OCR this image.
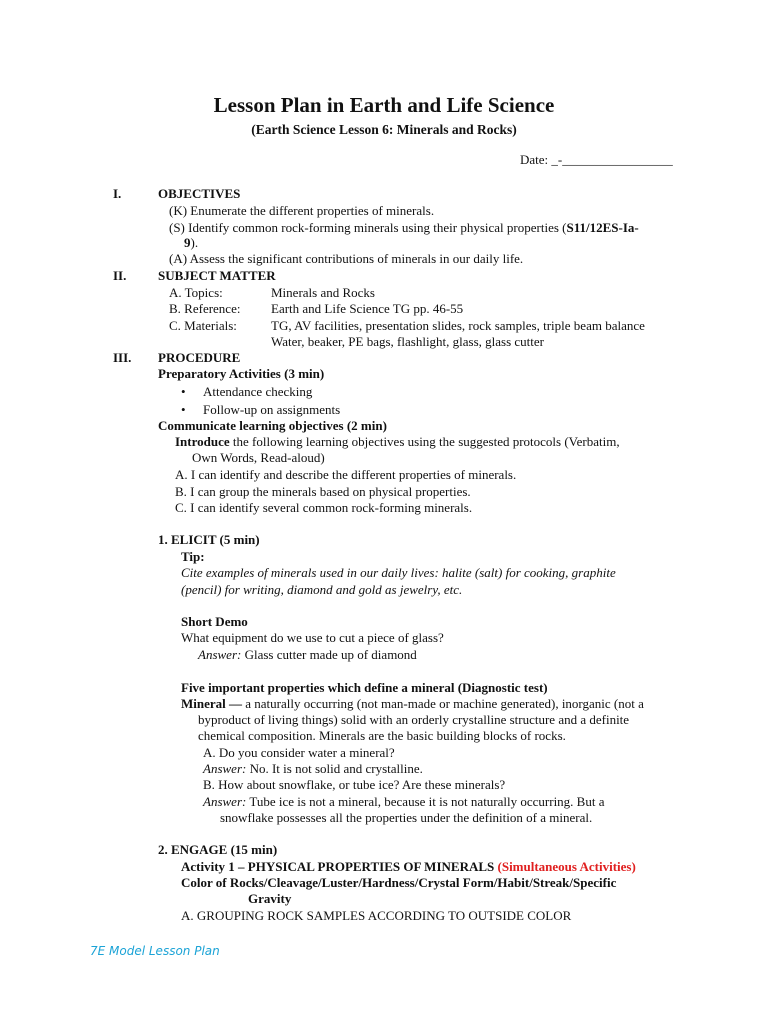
Lesson Plan in Earth and Life Science
(Earth Science Lesson 6: Minerals and Rocks)
Date: _-_________________
I.	OBJECTIVES
(K) Enumerate the different properties of minerals.
(S) Identify common rock-forming minerals using their physical properties (S11/12ES-Ia-
9).
(A) Assess the significant contributions of minerals in our daily life.
II. SUBJECT MATTER
A. Topics:	Minerals and Rocks
B. Reference: Earth and Life Science TG pp. 46-55
C. Materials:	TG, AV facilities, presentation slides, rock samples, triple beam balance
Water, beaker, PE bags, flashlight, glass, glass cutter
III. PROCEDURE
Preparatory Activities (3 min)
• Attendance checking
• Follow-up on assignments
Communicate learning objectives (2 min)
Introduce the following learning objectives using the suggested protocols (Verbatim,
Own Words, Read-aloud)
A. I can identify and describe the different properties of minerals.
B. I can group the minerals based on physical properties.
C. I can identify several common rock-forming minerals.
1. ELICIT (5 min)
Tip:
Cite examples of minerals used in our daily lives: halite (salt) for cooking, graphite
(pencil) for writing, diamond and gold as jewelry, etc.
Short Demo
What equipment do we use to cut a piece of glass?
Answer: Glass cutter made up of diamond
Five important properties which define a mineral (Diagnostic test)
Mineral — a naturally occurring (not man-made or machine generated), inorganic (not a
byproduct of living things) solid with an orderly crystalline structure and a definite
chemical composition. Minerals are the basic building blocks of rocks.
A. Do you consider water a mineral?
Answer: No. It is not solid and crystalline.
B. How about snowflake, or tube ice? Are these minerals?
Answer: Tube ice is not a mineral, because it is not naturally occurring. But a
snowflake possesses all the properties under the definition of a mineral.
2. ENGAGE (15 min)
Activity 1 – PHYSICAL PROPERTIES OF MINERALS (Simultaneous Activities)
Color of Rocks/Cleavage/Luster/Hardness/Crystal Form/Habit/Streak/Specific
Gravity
A. GROUPING ROCK SAMPLES ACCORDING TO OUTSIDE COLOR
7E Model Lesson Plan
